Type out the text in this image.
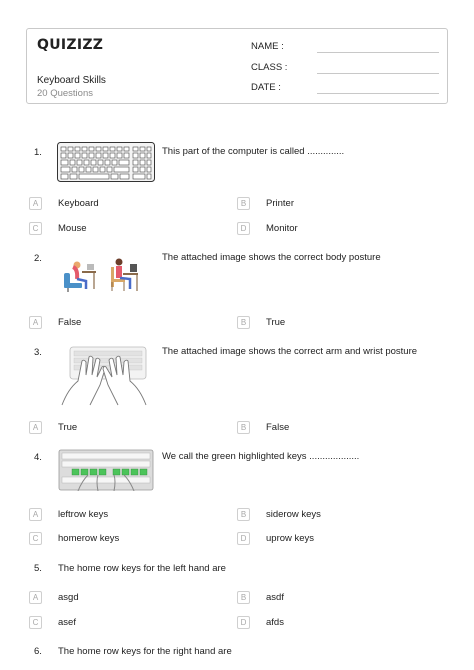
QUIZIZZ
Keyboard Skills
20 Questions
NAME :
CLASS :
DATE :
1.	This part of the computer is called ..............
A	Keyboard	B	Printer
C	Mouse	D	Monitor
2.	The attached image shows the correct body posture
A	False	B	True
3.	The attached image shows the correct arm and wrist posture
A	True	B	False
4.	We call the green highlighted keys ...................
A	leftrow keys	B	siderow keys
C	homerow keys	D	uprow keys
5. The home row keys for the left hand are
A	asgd	B	asdf
C	asef	D	afds
6. The home row keys for the right hand are
